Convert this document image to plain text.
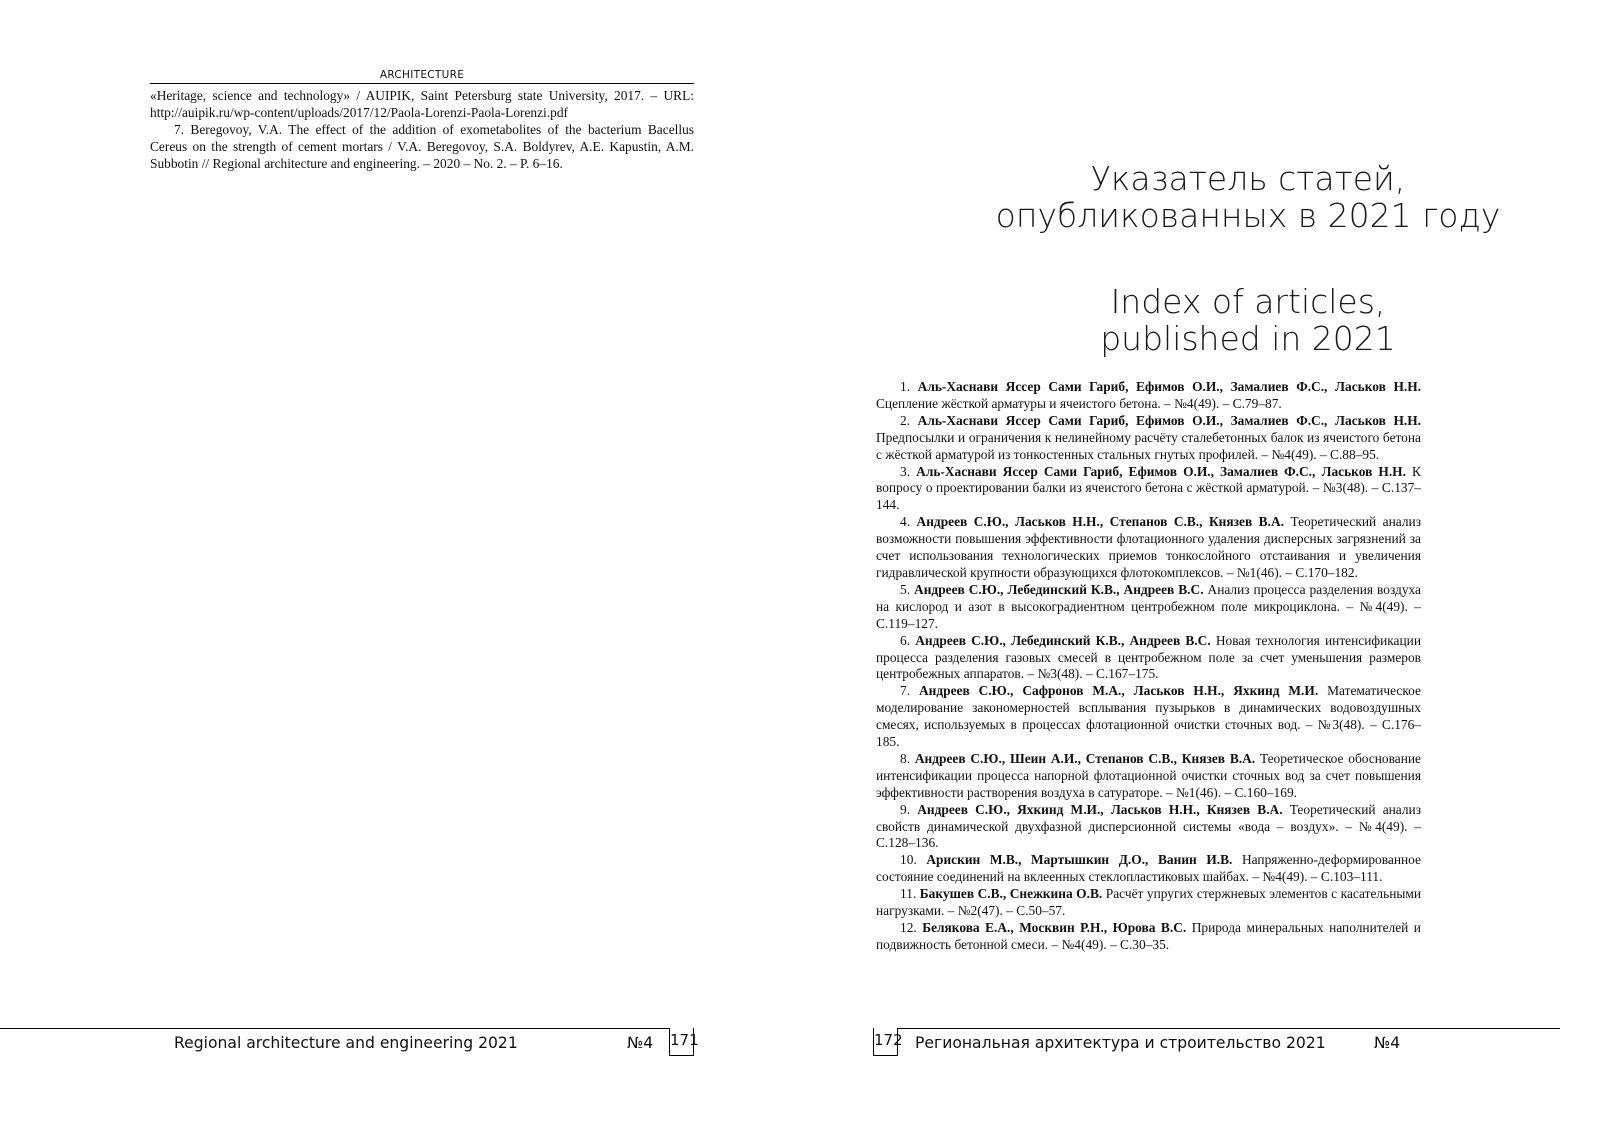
ARCHITECTURE

«Heritage, science and technology» / AUIPIK, Saint Petersburg state University, 2017. – URL: http://auipik.ru/wp-content/uploads/2017/12/Paola-Lorenzi-Paola-Lorenzi.pdf

7. Beregovoy, V.A. The effect of the addition of exometabolites of the bacterium Bacellus Cereus on the strength of cement mortars / V.A. Beregovoy, S.A. Boldyrev, A.E. Kapustin, A.M. Subbotin // Regional architecture and engineering. – 2020 – No. 2. – P. 6–16.

Regional architecture and engineering 2021	№4 171
Указатель статей,
опубликованных в 2021 году
Index of articles,
published in 2021

1. Аль-Хаснави Яссер Сами Гариб, Ефимов О.И., Замалиев Ф.С., Ласьков Н.Н. Сцепление жёсткой арматуры и ячеистого бетона. – №4(49). – С.79–87.

2. Аль-Хаснави Яссер Сами Гариб, Ефимов О.И., Замалиев Ф.С., Ласьков Н.Н. Предпосылки и ограничения к нелинейному расчёту сталебетонных балок из ячеистого бетона с жёсткой арматурой из тонкостенных стальных гнутых профилей. – №4(49). – С.88–95.

3. Аль-Хаснави Яссер Сами Гариб, Ефимов О.И., Замалиев Ф.С., Ласьков Н.Н. К вопросу о проектировании балки из ячеистого бетона с жёсткой арматурой. – №3(48). – С.137–144.

4. Андреев С.Ю., Ласьков Н.Н., Степанов С.В., Князев В.А. Теоретический анализ возможности повышения эффективности флотационного удаления дисперсных загрязнений за счет использования технологических приемов тонкослойного отстаивания и увеличения гидравлической крупности образующихся флотокомплексов. – №1(46). – С.170–182.

5. Андреев С.Ю., Лебединский К.В., Андреев В.С. Анализ процесса разделения воздуха на кислород и азот в высокоградиентном центробежном поле микроциклона. – №4(49). – С.119–127.

6. Андреев С.Ю., Лебединский К.В., Андреев В.С. Новая технология интенсификации процесса разделения газовых смесей в центробежном поле за счет уменьшения размеров центробежных аппаратов. – №3(48). – С.167–175.

7. Андреев С.Ю., Сафронов М.А., Ласьков Н.Н., Яхкинд М.И. Математическое моделирование закономерностей всплывания пузырьков в динамических водовоздушных смесях, используемых в процессах флотационной очистки сточных вод. – №3(48). – С.176–185.

8. Андреев С.Ю., Шеин А.И., Степанов С.В., Князев В.А. Теоретическое обоснование интенсификации процесса напорной флотационной очистки сточных вод за счет повышения эффективности растворения воздуха в сатураторе. – №1(46). – С.160–169.

9. Андреев С.Ю., Яхкинд М.И., Ласьков Н.Н., Князев В.А. Теоретический анализ свойств динамической двухфазной дисперсионной системы «вода – воздух». – №4(49). – С.128–136.

10. Арискин М.В., Мартышкин Д.О., Ванин И.В. Напряженно-деформированное состояние соединений на вклеенных стеклопластиковых шайбах. – №4(49). – С.103–111.

11. Бакушев С.В., Снежкина О.В. Расчёт упругих стержневых элементов с касательными нагрузками. – №2(47). – С.50–57.

12. Белякова Е.А., Москвин Р.Н., Юрова В.С. Природа минеральных наполнителей и подвижность бетонной смеси. – №4(49). – С.30–35.

172 Региональная архитектура и строительство 2021	№4
